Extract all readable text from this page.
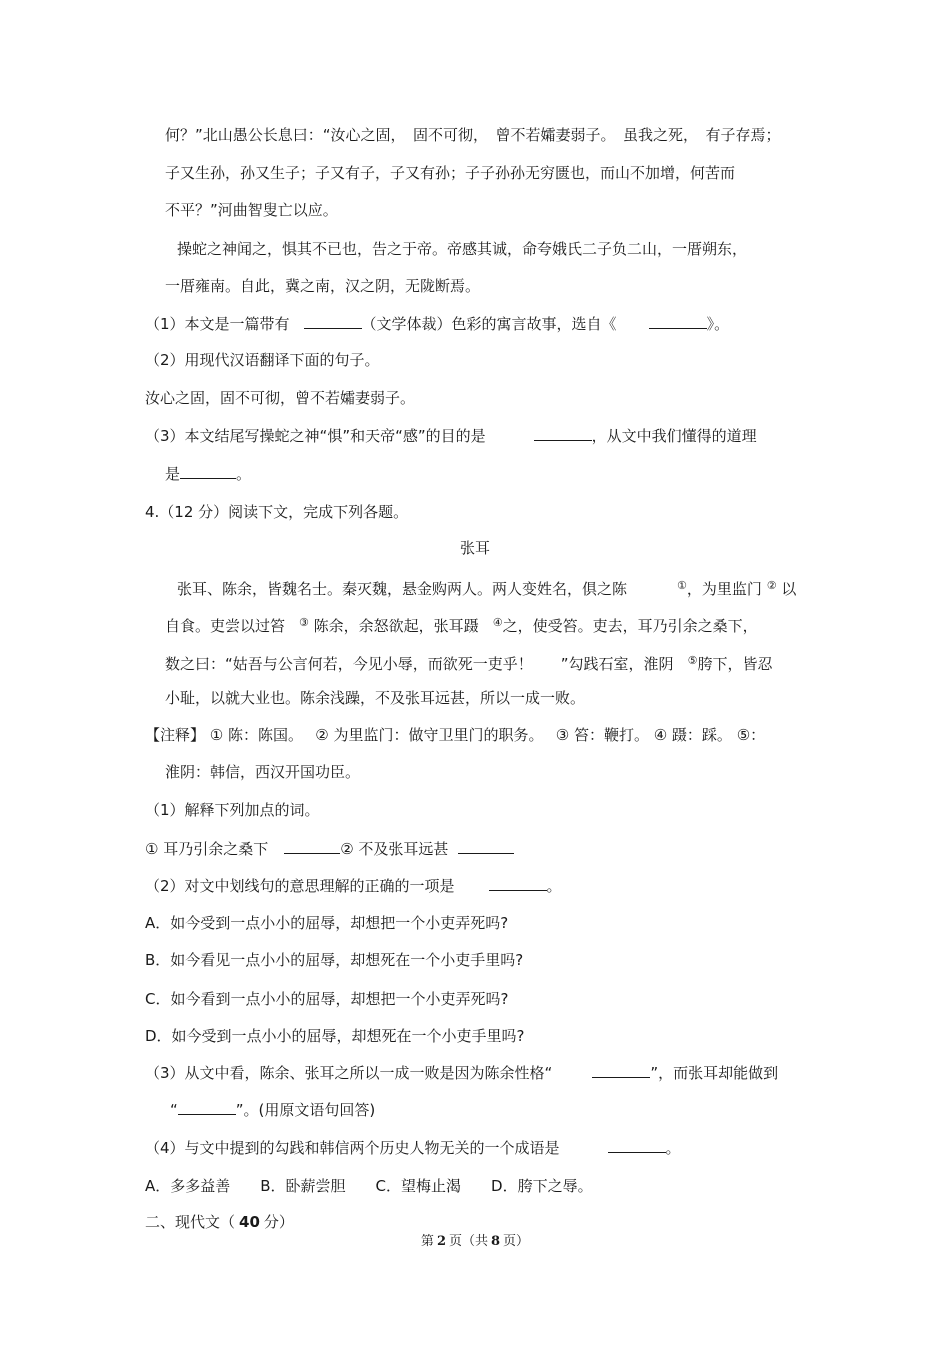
何？”北山愚公长息曰：“汝心之固，　固不可彻，　曾不若孀妻弱子。　虽我之死，　有子存焉；
子又生孙，孙又生子；子又有子，子又有孙；子子孙孙无穷匮也，而山不加增，何苦而
不平？”河曲智叟亡以应。
操蛇之神闻之，惧其不已也，告之于帝。帝感其诚，命夸娥氏二子负二山，一厝朔东，
一厝雍南。自此，冀之南，汉之阴，无陇断焉。
（1）本文是一篇带有	（文学体裁）色彩的寓言故事，选自《	》。
（2）用现代汉语翻译下面的句子。
汝心之固，固不可彻，曾不若孀妻弱子。
（3）本文结尾写操蛇之神“惧”和天帝“感”的目的是	，从文中我们懂得的道理
是	。
4.（12 分）阅读下文，完成下列各题。
张耳
张耳、陈余，皆魏名士。秦灭魏，悬金购两人。两人变姓名，俱之陈	①，为里监门 ② 以
自食。吏尝以过笞 ③ 陈余，余怒欲起，张耳蹑 ④之，使受笞。吏去，耳乃引余之桑下，
数之曰：“姑吾与公言何若，今见小辱，而欲死一吏乎！ ”勾践石室，淮阴 ⑤胯下，皆忍
小耻，以就大业也。陈余浅躁，不及张耳远甚，所以一成一败。
【注释】 ① 陈：陈国。　 ② 为里监门：做守卫里门的职务。　 ③ 笞：鞭打。 ④ 蹑：踩。 ⑤：
淮阴：韩信，西汉开国功臣。
（1）解释下列加点的词。
① 耳乃引余之桑下	② 不及张耳远甚
（2）对文中划线句的意思理解的正确的一项是	。
A．如今受到一点小小的屈辱，却想把一个小吏弄死吗?
B．如今看见一点小小的屈辱，却想死在一个小吏手里吗?
C．如今看到一点小小的屈辱，却想把一个小吏弄死吗?
D．如今受到一点小小的屈辱，却想死在一个小吏手里吗?
（3）从文中看，陈余、张耳之所以一成一败是因为陈余性格“	”，而张耳却能做到
“	”。(用原文语句回答)
（4）与文中提到的勾践和韩信两个历史人物无关的一个成语是	。
A．多多益善　　B．卧薪尝胆　　C．望梅止渴　　D．胯下之辱。
二、现代文（ 40 分）
第 2 页（共 8 页）
